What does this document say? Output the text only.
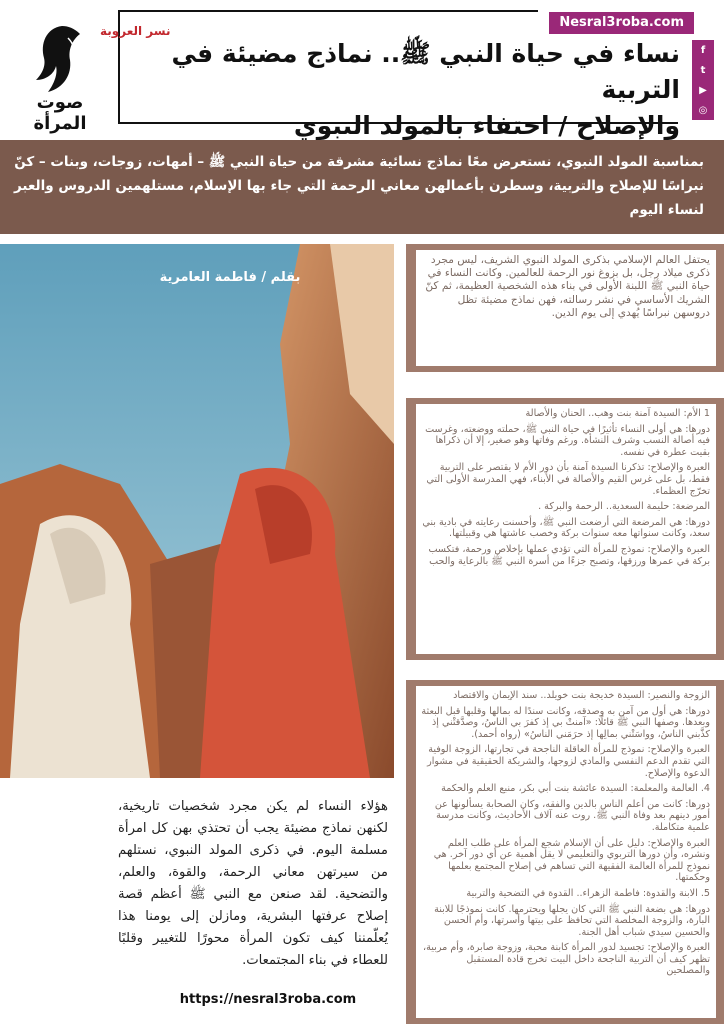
صوت المرأة
نسر العروبة
Nesral3roba.com
f
t
▶
◎
نساء في حياة النبي ﷺ.. نماذج مضيئة في التربية
والإصلاح / احتفاء بالمولد النبوي

بمناسبة المولد النبوي، نستعرض معًا نماذج نسائية مشرقة من حياة النبي ﷺ – أمهات، زوجات، وبنات – كنّ نبراسًا للإصلاح والتربية، وسطرن بأعمالهن معاني الرحمة التي جاء بها الإسلام، مستلهمين الدروس والعبر لنساء اليوم

بقلم / فاطمة العامرية

يحتفل العالم الإسلامي بذكرى المولد النبوي الشريف، ليس مجرد ذكرى ميلاد رجل، بل بزوغ نور الرحمة للعالمين. وكانت النساء في حياة النبي ﷺ اللبنة الأولى في بناء هذه الشخصية العظيمة، ثم كنّ الشريك الأساسي في نشر رسالته، فهن نماذج مضيئة تظل دروسهن نبراسًا يُهدي إلى يوم الدين.

1 الأم: السيدة آمنة بنت وهب.. الحنان والأصالة

دورها: هي أولى النساء تأثيرًا في حياة النبي ﷺ، حملته ووضعته، وغرست فيه أصالة النسب وشرف النشأة. ورغم وفاتها وهو صغير، إلا أن ذكراها بقيت عطرة في نفسه.

العبرة والإصلاح: تذكرنا السيدة آمنة بأن دور الأم لا يقتصر على التربية فقط، بل على غرس القيم والأصالة في الأبناء، فهي المدرسة الأولى التي تخرّج العظماء.

المرضعة: حليمة السعدية.. الرحمة والبركة .

دورها: هي المرضعة التي أرضعت النبي ﷺ، وأحسنت رعايته في بادية بني سعد، وكانت سنواتها معه سنوات بركة وخصب عاشتها هي وقبيلتها.

العبرة والإصلاح: نموذج للمرأة التي تؤدي عملها بإخلاص ورحمة، فتكسب بركة في عمرها ورزقها، وتصبح جزءًا من أسرة النبي ﷺ بالرعاية والحب

الزوجة والنصير: السيدة خديجة بنت خويلد.. سند الإيمان والاقتصاد

دورها: هي أول من آمن به وصدقه، وكانت سندًا له بمالها وقلبها قبل البعثة وبعدها. وصفها النبي ﷺ قائلًا: «آمنتْ بي إذ كفرَ بي الناسُ، وصدَّقتْني إذ كذَّبني الناسُ، وواسَتْني بمالِها إذ حرَمَني الناسُ» (رواه أحمد).

العبرة والإصلاح: نموذج للمرأة العاقلة الناجحة في تجارتها، الزوجة الوفية التي تقدم الدعم النفسي والمادي لزوجها، والشريكة الحقيقية في مشوار الدعوة والإصلاح.

4. العالمة والمعلمة: السيدة عائشة بنت أبي بكر، منبع العلم والحكمة

دورها: كانت من أعلم الناس بالدين والفقه، وكان الصحابة يسألونها عن أمور دينهم بعد وفاة النبي ﷺ. روت عنه آلاف الأحاديث، وكانت مدرسة علمية متكاملة.

العبرة والإصلاح: دليل على أن الإسلام شجع المرأة على طلب العلم ونشره، وأن دورها التربوي والتعليمي لا يقل أهمية عن أي دور آخر. هي نموذج للمرأة العالمة الفقيهة التي تساهم في إصلاح المجتمع بعلمها وحكمتها.

5. الابنة والقدوة: فاطمة الزهراء.. القدوة في التضحية والتربية

دورها: هي بضعة النبي ﷺ التي كان يجلها ويحترمها. كانت نموذجًا للابنة البارة، والزوجة المخلصة التي تحافظ على بيتها وأسرتها، وأم الحسن والحسين سيدي شباب أهل الجنة.

العبرة والإصلاح: تجسيد لدور المرأة كابنة محبة، وزوجة صابرة، وأم مربية، تظهر كيف أن التربية الناجحة داخل البيت تخرج قادة المستقبل والمصلحين

هؤلاء النساء لم يكن مجرد شخصيات تاريخية، لكنهن نماذج مضيئة يجب أن تحتذي بهن كل امرأة مسلمة اليوم. في ذكرى المولد النبوي، نستلهم من سيرتهن معاني الرحمة، والقوة، والعلم، والتضحية. لقد صنعن مع النبي ﷺ أعظم قصة إصلاح عرفتها البشرية، ومازلن إلى يومنا هذا يُعلّمننا كيف تكون المرأة محورًا للتغيير وقلبًا للعطاء في بناء المجتمعات.
https://nesral3roba.com
